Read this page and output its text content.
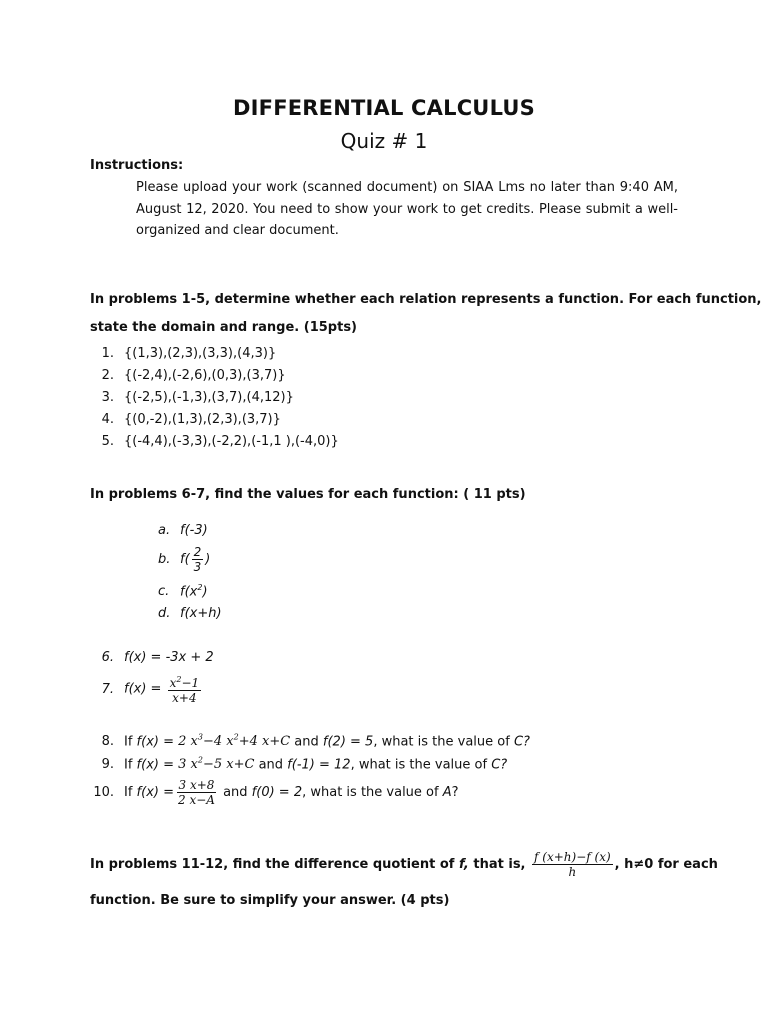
DIFFERENTIAL CALCULUS
Quiz # 1
Instructions:
Please upload your work (scanned document) on SIAA Lms no later than 9:40 AM, August 12, 2020. You need to show your work to get credits. Please submit a well-organized and clear document.
In problems 1-5, determine whether each relation represents a function. For each function,
state the domain and range. (15pts)
1. {(1,3),(2,3),(3,3),(4,3)}
2. {(-2,4),(-2,6),(0,3),(3,7)}
3. {(-2,5),(-1,3),(3,7),(4,12)}
4. {(0,-2),(1,3),(2,3),(3,7)}
5. {(-4,4),(-3,3),(-2,2),(-1,1 ),(-4,0)}
In problems 6-7, find the values for each function: ( 11 pts)
a. f(-3)
b. $f( \frac{2}{3}$ )
c. $f(x^2)$
d. f(x+h)
6. f(x) = -3x + 2
7. $f(x) = \frac{x^2-1}{x+4}$
8. If f(x) = 2 $x^3-4$ $x^2+4$ x+C and f(2) = 5, what is the value of C?
9. If f(x) = 3 $x^2-5$ x+C and f(-1) = 12, what is the value of C?
10. If $f(x) = \frac{3 x+8}{2 x-A}$ and f(0) = 2, what is the value of A?
In problems 11-12, find the difference quotient of f, that is, $\frac{f (x+h)-f (x)}{h}$ , h≠0 for each
function. Be sure to simplify your answer. (4 pts)
